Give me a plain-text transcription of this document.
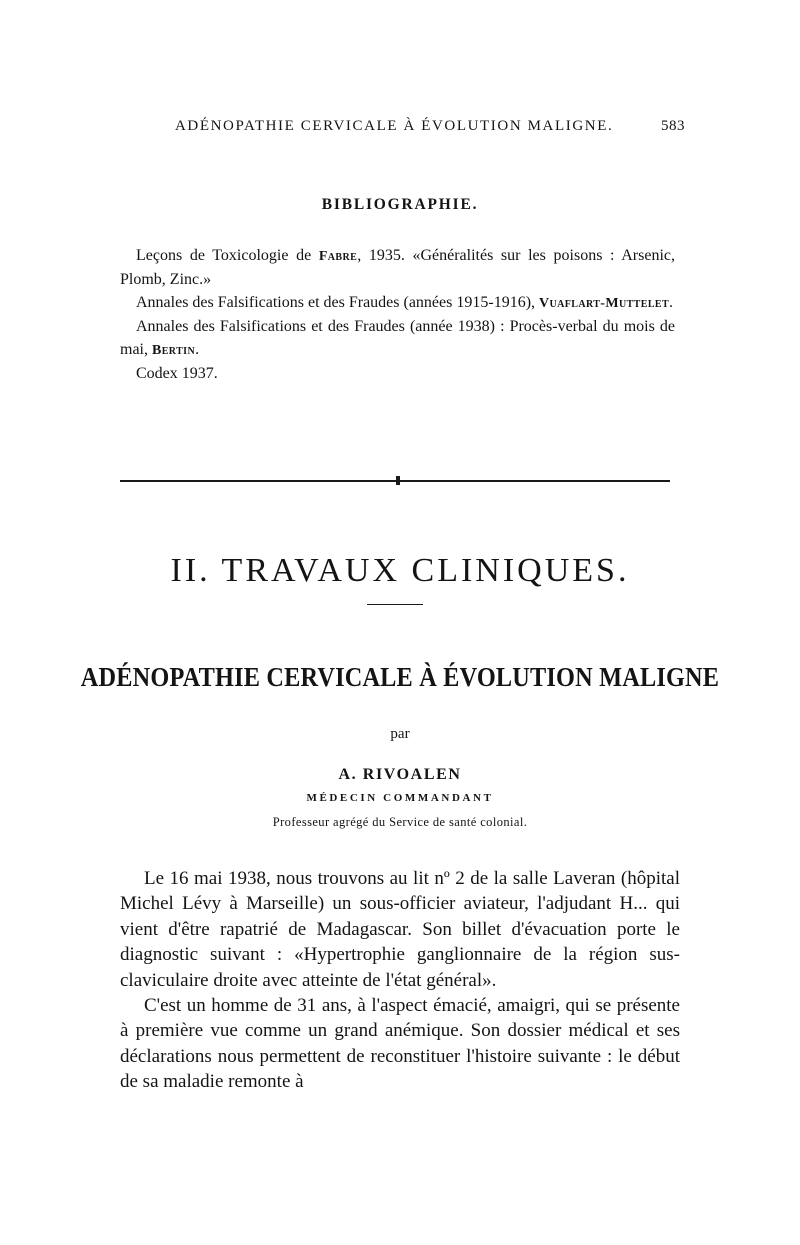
ADÉNOPATHIE CERVICALE À ÉVOLUTION MALIGNE.	583
BIBLIOGRAPHIE.

Leçons de Toxicologie de Fabre, 1935. «Généralités sur les poisons : Arsenic, Plomb, Zinc.»

Annales des Falsifications et des Fraudes (années 1915-1916), Vuaflart-Muttelet.

Annales des Falsifications et des Fraudes (année 1938) : Procès-verbal du mois de mai, Bertin.

Codex 1937.

II. TRAVAUX CLINIQUES.
ADÉNOPATHIE CERVICALE À ÉVOLUTION MALIGNE
par
A. RIVOALEN
MÉDECIN COMMANDANT
Professeur agrégé du Service de santé colonial.

Le 16 mai 1938, nous trouvons au lit nº 2 de la salle Laveran (hôpital Michel Lévy à Marseille) un sous-officier aviateur, l'adjudant H... qui vient d'être rapatrié de Madagascar. Son billet d'évacuation porte le diagnostic suivant : «Hypertrophie ganglionnaire de la région sus-claviculaire droite avec atteinte de l'état général».

C'est un homme de 31 ans, à l'aspect émacié, amaigri, qui se présente à première vue comme un grand anémique. Son dossier médical et ses déclarations nous permettent de reconstituer l'histoire suivante : le début de sa maladie remonte à
